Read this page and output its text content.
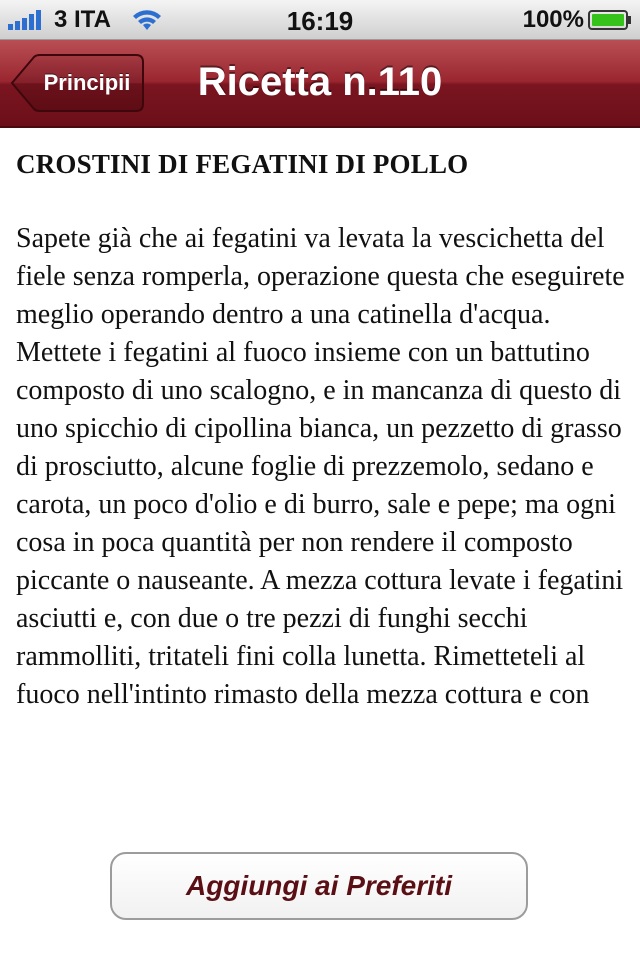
3 ITA	16:19	100%
Principii	Ricetta n.110
CROSTINI DI FEGATINI DI POLLO
Sapete già che ai fegatini va levata la vescichetta del fiele senza romperla, operazione questa che eseguirete meglio operando dentro a una catinella d'acqua. Mettete i fegatini al fuoco insieme con un battutino composto di uno scalogno, e in mancanza di questo di uno spicchio di cipollina bianca, un pezzetto di grasso di prosciutto, alcune foglie di prezzemolo, sedano e carota, un poco d'olio e di burro, sale e pepe; ma ogni cosa in poca quantità per non rendere il composto piccante o nauseante. A mezza cottura levate i fegatini asciutti e, con due o tre pezzi di funghi secchi rammolliti, tritateli fini colla lunetta. Rimetteteli al fuoco nell'intinto rimasto della mezza cottura e con
Aggiungi ai Preferiti
